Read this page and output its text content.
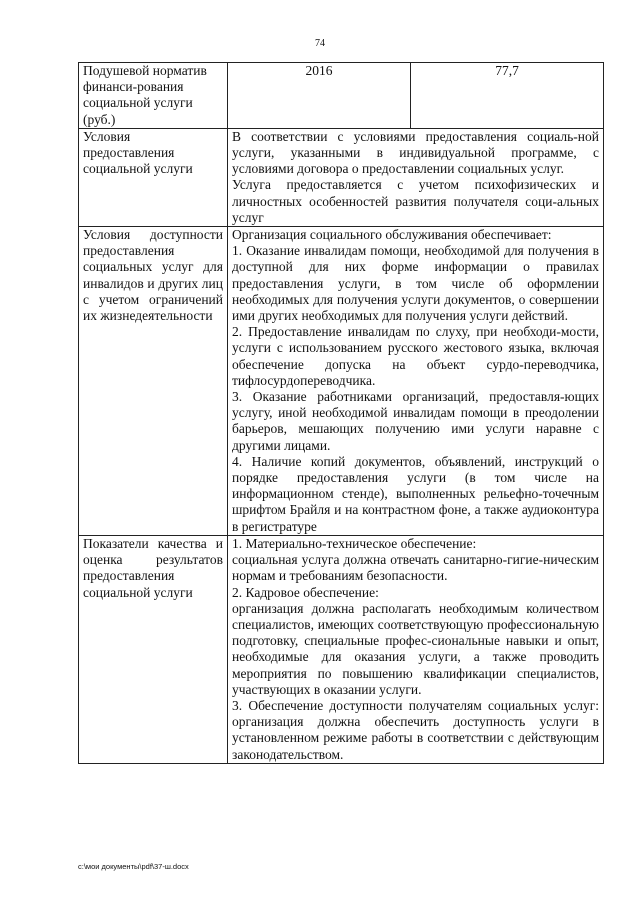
74
Подушевой норматив финанси-рования социальной услуги (руб.)	2016	77,7
Условия предоставления социальной услуги	В соответствии с условиями предоставления социаль-ной услуги, указанными в индивидуальной программе, с условиями договора о предоставлении социальных услуг.

Услуга предоставляется с учетом психофизических и личностных особенностей развития получателя соци-альных услуг	

Условия доступности предоставления социальных услуг для инвалидов и других лиц с учетом ограничений их жизнедеятельности	Организация социального обслуживания обеспечивает:

1. Оказание инвалидам помощи, необходимой для получения в доступной для них форме информации о правилах предоставления услуги, в том числе об оформлении необходимых для получения услуги документов, о совершении ими других необходимых для получения услуги действий.

2. Предоставление инвалидам по слуху, при необходи-мости, услуги с использованием русского жестового языка, включая обеспечение допуска на объект сурдо-переводчика, тифлосурдопереводчика.

3. Оказание работниками организаций, предоставля-ющих услугу, иной необходимой инвалидам помощи в преодолении барьеров, мешающих получению ими услуги наравне с другими лицами.

4. Наличие копий документов, объявлений, инструкций о порядке предоставления услуги (в том числе на информационном стенде), выполненных рельефно-точечным шрифтом Брайля и на контрастном фоне, а также аудиоконтура в регистратуре	

Показатели качества и оценка результатов предоставления социальной услуги	1. Материально-техническое обеспечение:

социальная услуга должна отвечать санитарно-гигие-ническим нормам и требованиям безопасности.

2. Кадровое обеспечение:

организация должна располагать необходимым количеством специалистов, имеющих соответствующую профессиональную подготовку, специальные профес-сиональные навыки и опыт, необходимые для оказания услуги, а также проводить мероприятия по повышению квалификации специалистов, участвующих в оказании услуги.

3. Обеспечение доступности получателям социальных услуг: организация должна обеспечить доступность услуги в установленном режиме работы в соответствии с действующим законодательством.	

c:\мои документы\pdf\37-ш.docx
